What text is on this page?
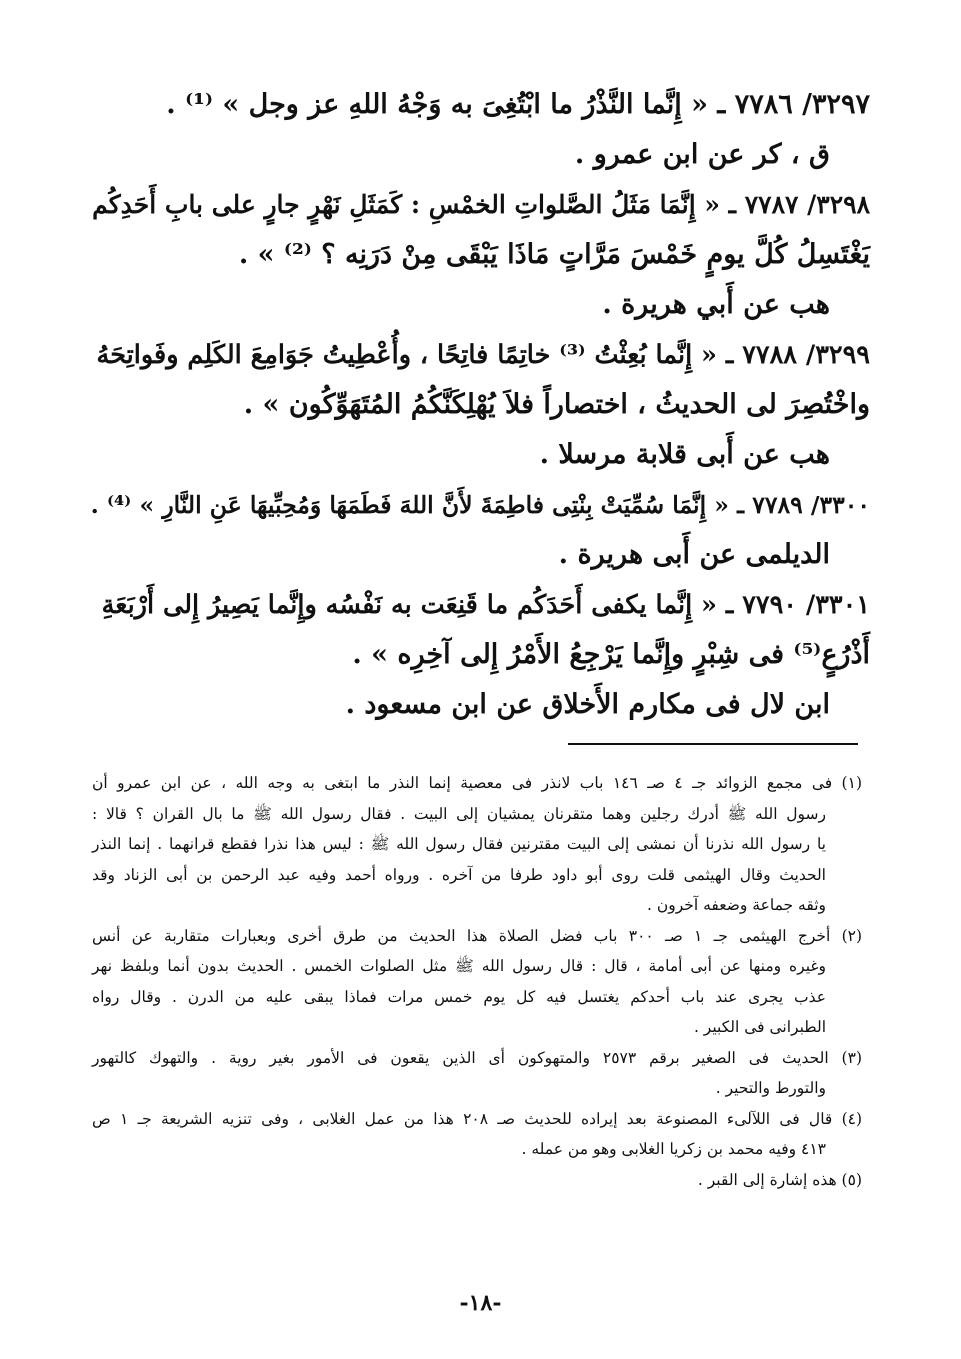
٣٢٩٧/ ٧٧٨٦ ـ « إِنَّما النَّذْرُ ما ابْتُغِىَ به وَجْهُ اللهِ عز وجل » ⁽¹⁾ .
ق ، كر عن ابن عمرو .
٣٢٩٨/ ٧٧٨٧ ـ « إِنَّمَا مَثَلُ الصَّلواتِ الخمْسِ : كَمَثَلِ نَهْرٍ جارٍ على بابِ أَحَدِكُم
يَغْتَسِلُ كُلَّ يومٍ خَمْسَ مَرَّاتٍ مَاذَا يَبْقَى مِنْ دَرَنِه ؟ ⁽²⁾ » .
هب عن أَبي هريرة .
٣٢٩٩/ ٧٧٨٨ ـ « إِنَّما بُعِثْتُ ⁽³⁾ خاتِمًا فاتِحًا ، وأُعْطِيتُ جَوَامِعَ الكَلِم وفَواتِحَهُ
واخْتُصِرَ لى الحديثُ ، اختصاراً فلاَ يُهْلِكَنَّكُمُ المُتَهَوِّكُون » .
هب عن أَبى قلابة مرسلا .
٣٣٠٠/ ٧٧٨٩ ـ « إِنَّمَا سُمِّيَتْ بِنْتِى فاطِمَةَ لأَنَّ اللهَ فَطَمَهَا وَمُحِبِّيهَا عَنِ النَّارِ » ⁽⁴⁾ .
الديلمى عن أَبى هريرة .
٣٣٠١/ ٧٧٩٠ ـ « إِنَّما يكفى أَحَدَكُم ما قَنِعَت به نَفْسُه وإِنَّما يَصِيرُ إِلى أَرْبَعَةِ
أَذْرُعٍ⁽⁵⁾ فى شِبْرٍ وإِنَّما يَرْجِعُ الأَمْرُ إِلى آخِرِه » .
ابن لال فى مكارم الأَخلاق عن ابن مسعود .
(١) فى مجمع الزوائد جـ ٤ صـ ١٤٦ باب لانذر فى معصية إنما النذر ما ابتغى به وجه الله ، عن ابن عمرو أن
رسول الله ﷺ أدرك رجلين وهما متقرنان يمشيان إلى البيت . فقال رسول الله ﷺ ما بال القران ؟ قالا :
يا رسول الله نذرنا أن نمشى إلى البيت مقترنين فقال رسول الله ﷺ : ليس هذا نذرا فقطع قرانهما . إنما النذر
الحديث وقال الهيثمى قلت روى أبو داود طرفا من آخره . ورواه أحمد وفيه عبد الرحمن بن أبى الزناد وقد
وثقه جماعة وضعفه آخرون .
(٢) أخرج الهيثمى جـ ١ صـ ٣٠٠ باب فضل الصلاة هذا الحديث من طرق أخرى وبعبارات متقاربة عن أنس
وغيره ومنها عن أبى أمامة ، قال : قال رسول الله ﷺ مثل الصلوات الخمس . الحديث بدون أنما وبلفظ نهر
عذب يجرى عند باب أحدكم يغتسل فيه كل يوم خمس مرات فماذا يبقى عليه من الدرن . وقال رواه
الطبرانى فى الكبير .
(٣) الحديث فى الصغير برقم ٢٥٧٣ والمتهوكون أى الذين يقعون فى الأمور بغير روية . والتهوك كالتهور
والتورط والتحير .
(٤) قال فى اللآلىء المصنوعة بعد إيراده للحديث صـ ٢٠٨ هذا من عمل الغلابى ، وفى تنزيه الشريعة جـ ١ ص
٤١٣ وفيه محمد بن زكريا الغلابى وهو من عمله .
(٥) هذه إشارة إلى القبر .
-١٨-
